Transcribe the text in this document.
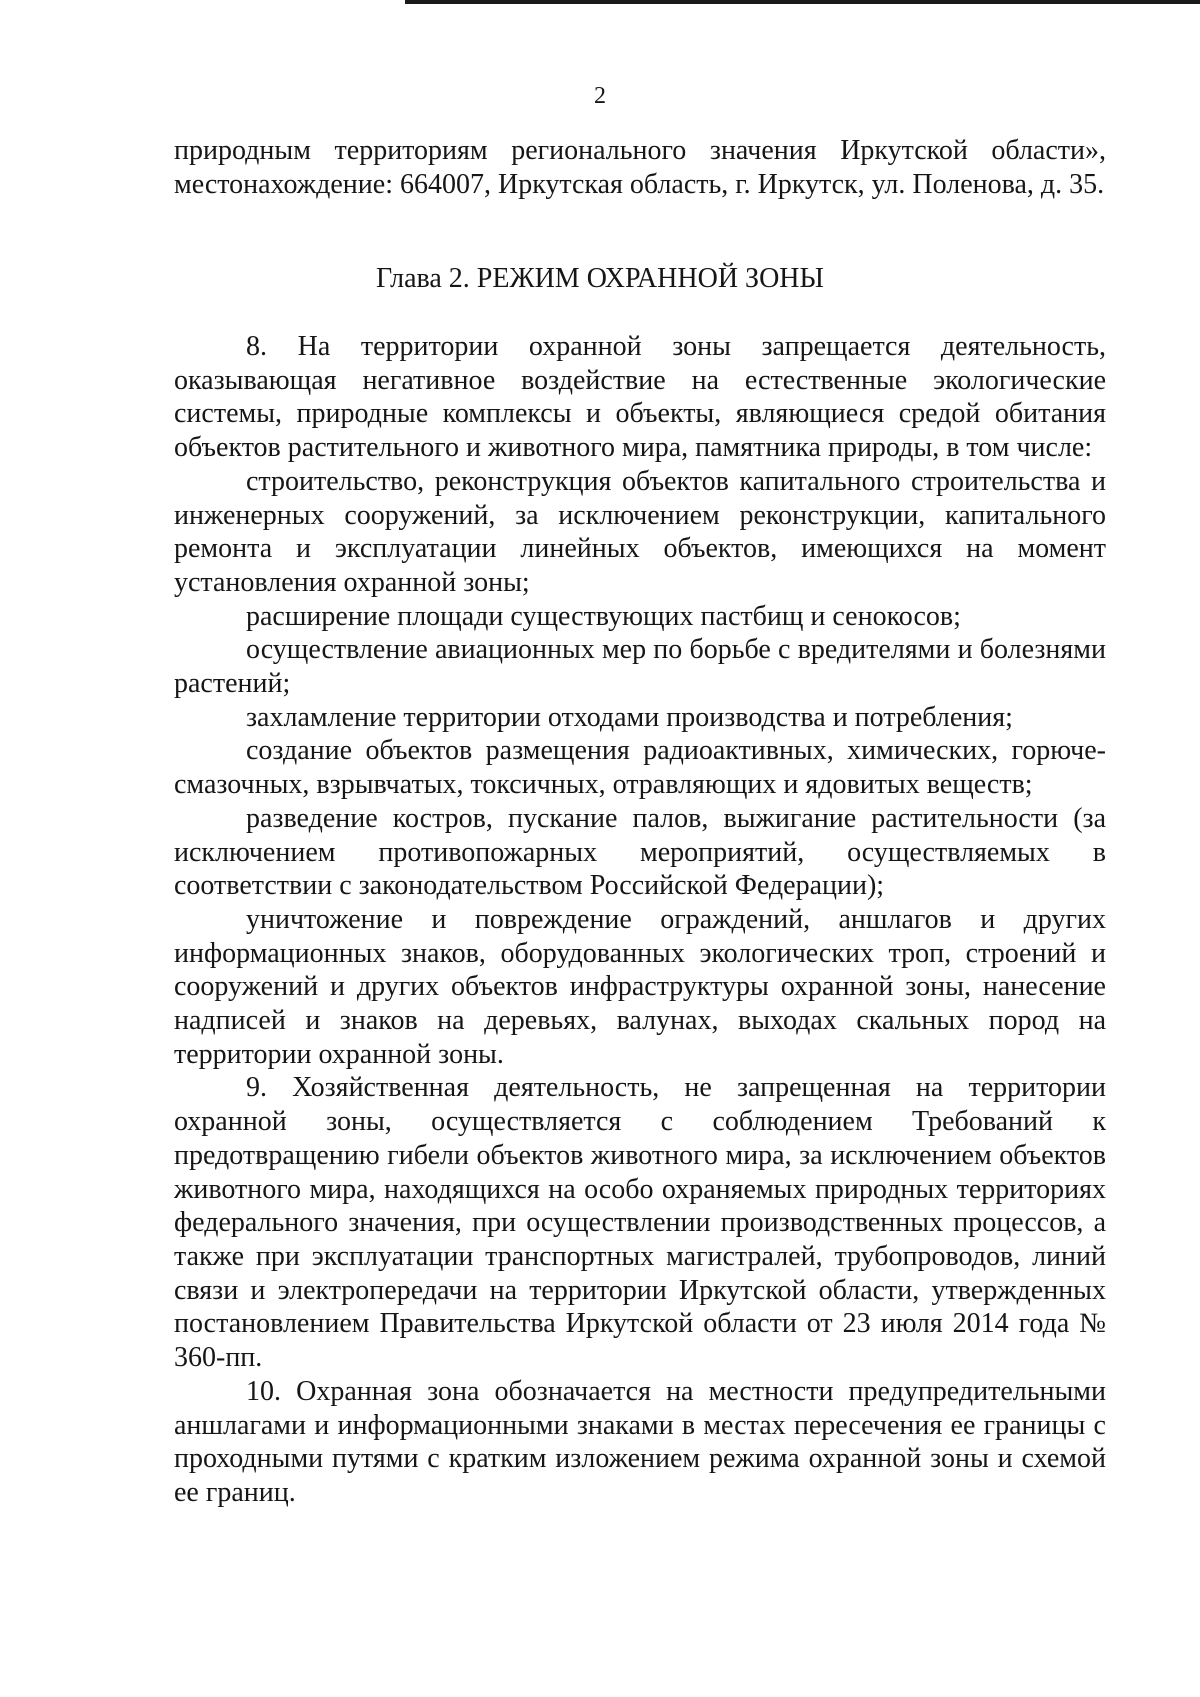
2

природным территориям регионального значения Иркутской области», местонахождение: 664007, Иркутская область, г. Иркутск, ул. Поленова, д. 35.

Глава 2. РЕЖИМ ОХРАННОЙ ЗОНЫ

8. На территории охранной зоны запрещается деятельность, оказывающая негативное воздействие на естественные экологические системы, природные комплексы и объекты, являющиеся средой обитания объектов растительного и животного мира, памятника природы, в том числе:

строительство, реконструкция объектов капитального строительства и инженерных сооружений, за исключением реконструкции, капитального ремонта и эксплуатации линейных объектов, имеющихся на момент установления охранной зоны;

расширение площади существующих пастбищ и сенокосов;

осуществление авиационных мер по борьбе с вредителями и болезнями растений;

захламление территории отходами производства и потребления;

создание объектов размещения радиоактивных, химических, горюче-смазочных, взрывчатых, токсичных, отравляющих и ядовитых веществ;

разведение костров, пускание палов, выжигание растительности (за исключением противопожарных мероприятий, осуществляемых в соответствии с законодательством Российской Федерации);

уничтожение и повреждение ограждений, аншлагов и других информационных знаков, оборудованных экологических троп, строений и сооружений и других объектов инфраструктуры охранной зоны, нанесение надписей и знаков на деревьях, валунах, выходах скальных пород на территории охранной зоны.

9. Хозяйственная деятельность, не запрещенная на территории охранной зоны, осуществляется с соблюдением Требований к предотвращению гибели объектов животного мира, за исключением объектов животного мира, находящихся на особо охраняемых природных территориях федерального значения, при осуществлении производственных процессов, а также при эксплуатации транспортных магистралей, трубопроводов, линий связи и электропередачи на территории Иркутской области, утвержденных постановлением Правительства Иркутской области от 23 июля 2014 года № 360-пп.

10. Охранная зона обозначается на местности предупредительными аншлагами и информационными знаками в местах пересечения ее границы с проходными путями с кратким изложением режима охранной зоны и схемой ее границ.
